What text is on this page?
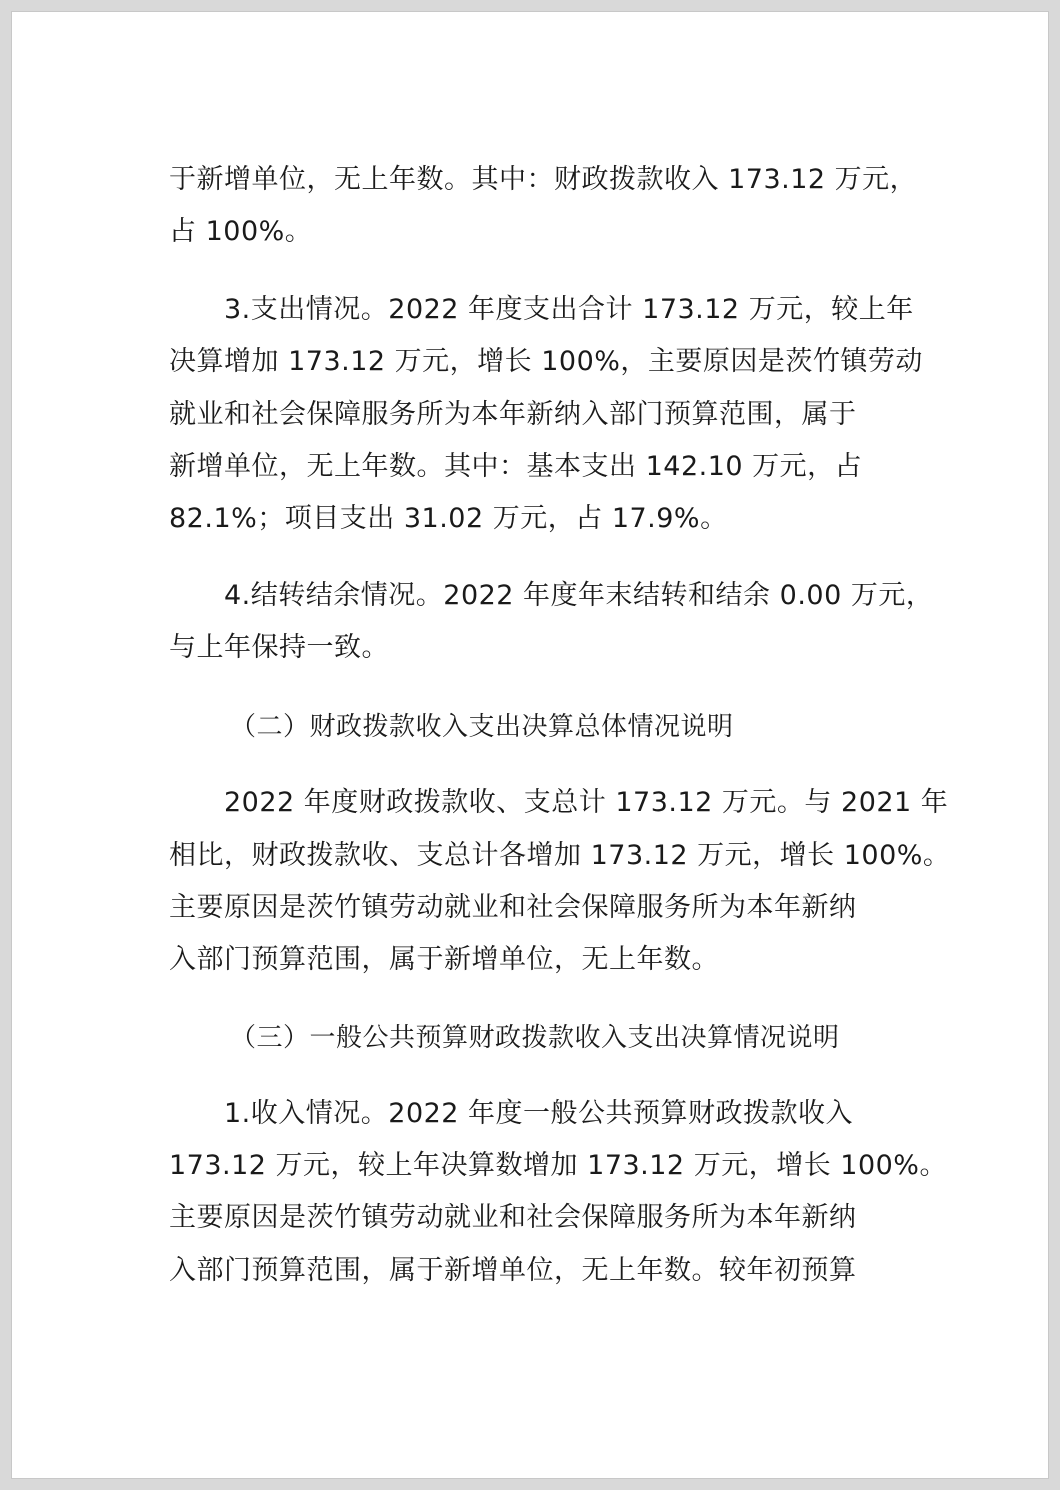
于新增单位，无上年数。其中：财政拨款收入 173.12 万元，
占 100%。
3.支出情况。2022 年度支出合计 173.12 万元，较上年
决算增加 173.12 万元，增长 100%，主要原因是茨竹镇劳动
就业和社会保障服务所为本年新纳入部门预算范围，属于
新增单位，无上年数。其中：基本支出 142.10 万元，占
82.1%；项目支出 31.02 万元，占 17.9%。
4.结转结余情况。2022 年度年末结转和结余 0.00 万元，
与上年保持一致。
（二）财政拨款收入支出决算总体情况说明
2022 年度财政拨款收、支总计 173.12 万元。与 2021 年
相比，财政拨款收、支总计各增加 173.12 万元，增长 100%。
主要原因是茨竹镇劳动就业和社会保障服务所为本年新纳
入部门预算范围，属于新增单位，无上年数。
（三）一般公共预算财政拨款收入支出决算情况说明
1.收入情况。2022 年度一般公共预算财政拨款收入
173.12 万元，较上年决算数增加 173.12 万元，增长 100%。
主要原因是茨竹镇劳动就业和社会保障服务所为本年新纳
入部门预算范围，属于新增单位，无上年数。较年初预算
